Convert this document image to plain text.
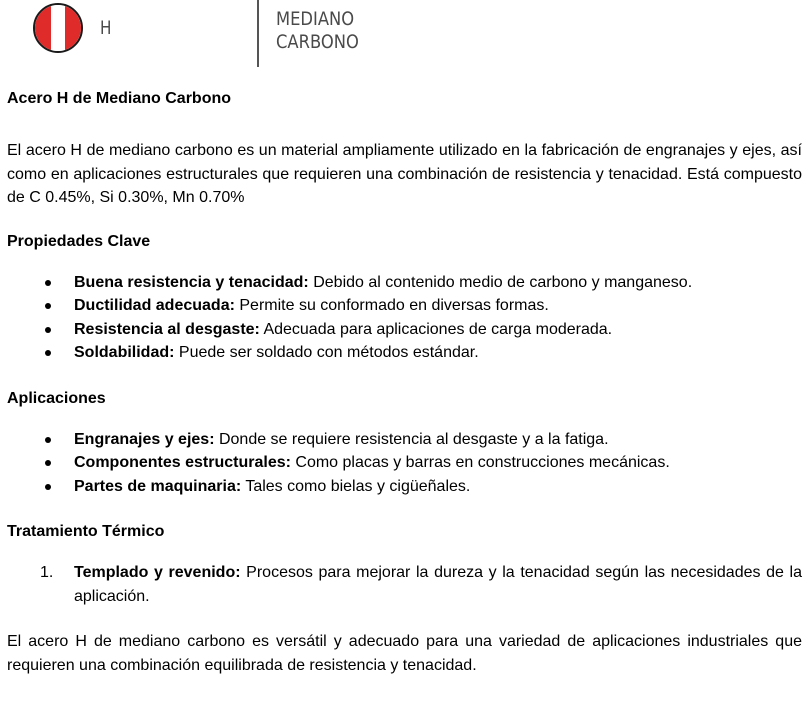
H	MEDIANO
CARBONO
Acero H de Mediano Carbono

El acero H de mediano carbono es un material ampliamente utilizado en la fabricación de engranajes y ejes, así como en aplicaciones estructurales que requieren una combinación de resistencia y tenacidad. Está compuesto de C 0.45%, Si 0.30%, Mn 0.70%

Propiedades Clave
Buena resistencia y tenacidad: Debido al contenido medio de carbono y manganeso.
Ductilidad adecuada: Permite su conformado en diversas formas.
Resistencia al desgaste: Adecuada para aplicaciones de carga moderada.
Soldabilidad: Puede ser soldado con métodos estándar.
Aplicaciones
Engranajes y ejes: Donde se requiere resistencia al desgaste y a la fatiga.
Componentes estructurales: Como placas y barras en construcciones mecánicas.
Partes de maquinaria: Tales como bielas y cigüeñales.
Tratamiento Térmico
1. Templado y revenido: Procesos para mejorar la dureza y la tenacidad según las necesidades de la aplicación.

El acero H de mediano carbono es versátil y adecuado para una variedad de aplicaciones industriales que requieren una combinación equilibrada de resistencia y tenacidad.
